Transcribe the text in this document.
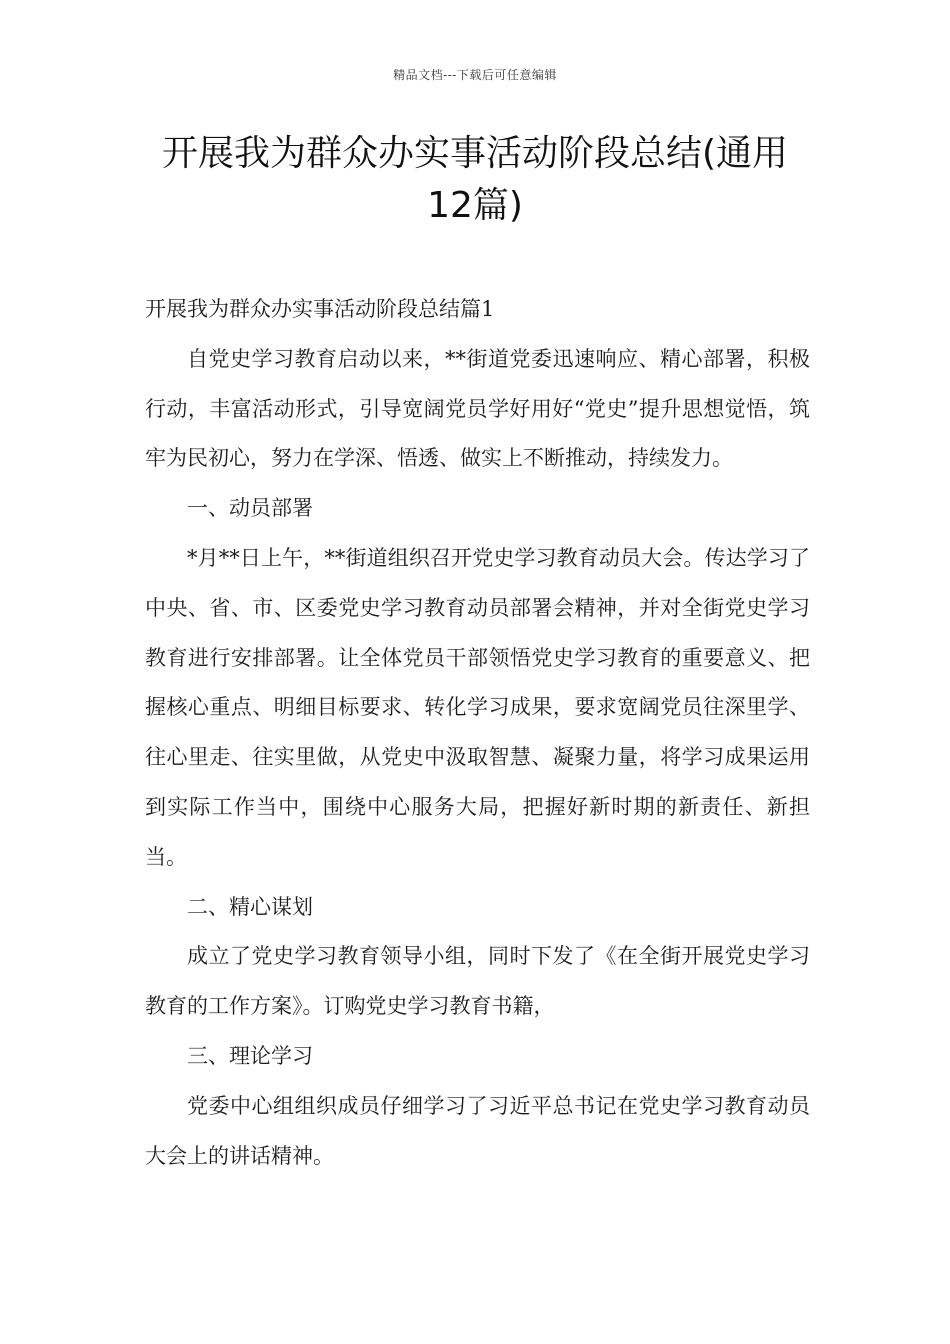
精品文档---下载后可任意编辑
开展我为群众办实事活动阶段总结(通用12篇)

开展我为群众办实事活动阶段总结篇1

自党史学习教育启动以来，**街道党委迅速响应、精心部署，积极行动，丰富活动形式，引导宽阔党员学好用好“党史”提升思想觉悟，筑牢为民初心，努力在学深、悟透、做实上不断推动，持续发力。

一、动员部署

*月**日上午，**街道组织召开党史学习教育动员大会。传达学习了中央、省、市、区委党史学习教育动员部署会精神，并对全街党史学习教育进行安排部署。让全体党员干部领悟党史学习教育的重要意义、把握核心重点、明细目标要求、转化学习成果，要求宽阔党员往深里学、往心里走、往实里做，从党史中汲取智慧、凝聚力量，将学习成果运用到实际工作当中，围绕中心服务大局，把握好新时期的新责任、新担当。

二、精心谋划

成立了党史学习教育领导小组，同时下发了《在全街开展党史学习教育的工作方案》。订购党史学习教育书籍，

三、理论学习

党委中心组组织成员仔细学习了习近平总书记在党史学习教育动员大会上的讲话精神。
